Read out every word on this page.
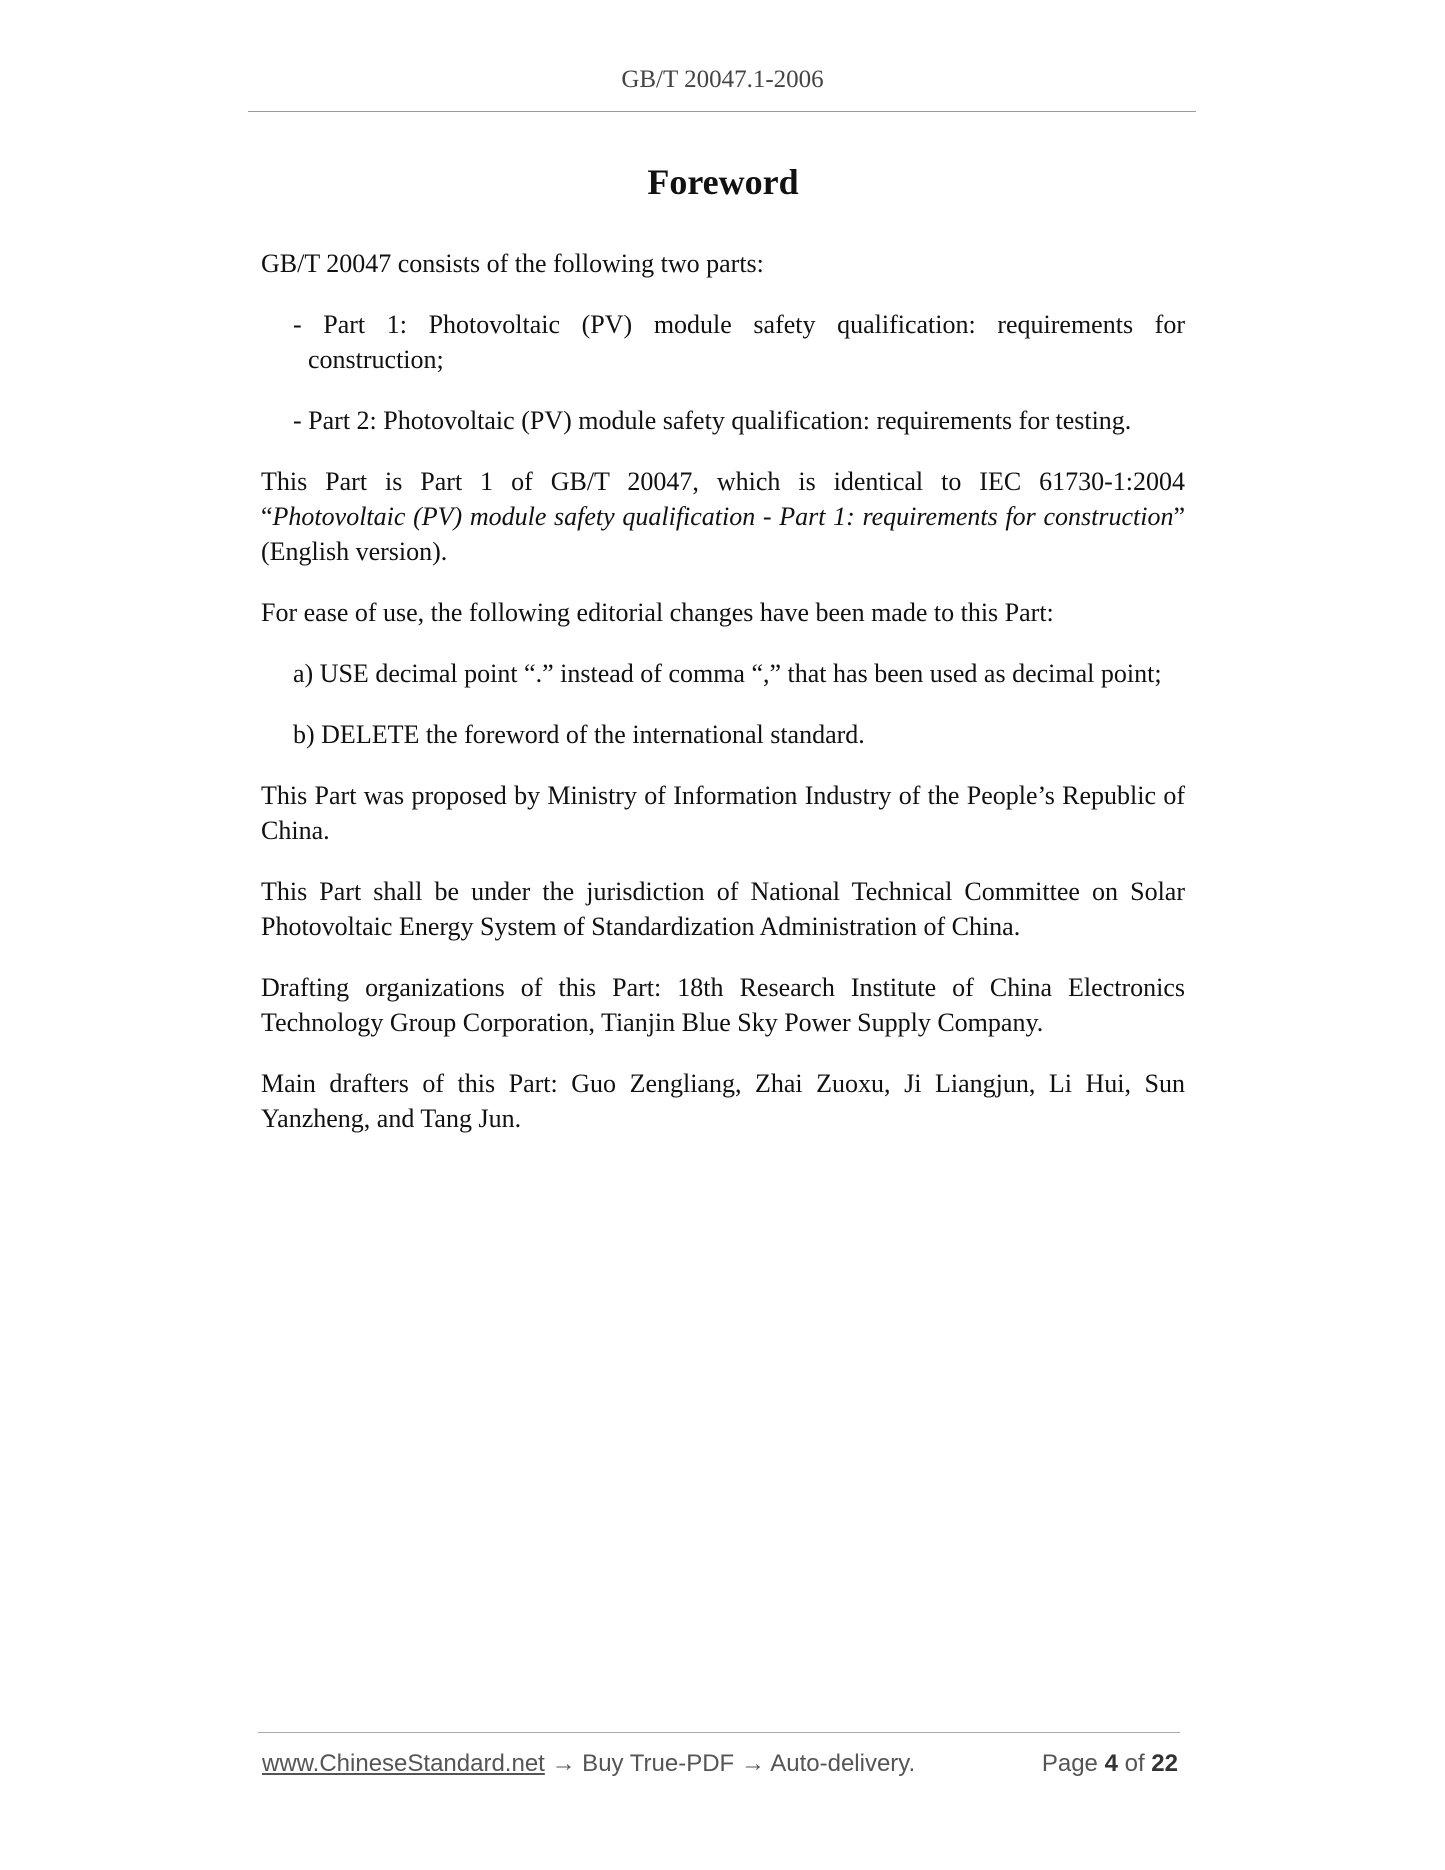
GB/T 20047.1-2006
Foreword

GB/T 20047 consists of the following two parts:

- Part 1: Photovoltaic (PV) module safety qualification: requirements for construction;

- Part 2: Photovoltaic (PV) module safety qualification: requirements for testing.

This Part is Part 1 of GB/T 20047, which is identical to IEC 61730-1:2004 “Photovoltaic (PV) module safety qualification - Part 1: requirements for construction” (English version).

For ease of use, the following editorial changes have been made to this Part:

a) USE decimal point “.” instead of comma “,” that has been used as decimal point;

b) DELETE the foreword of the international standard.

This Part was proposed by Ministry of Information Industry of the People’s Republic of China.

This Part shall be under the jurisdiction of National Technical Committee on Solar Photovoltaic Energy System of Standardization Administration of China.

Drafting organizations of this Part: 18th Research Institute of China Electronics Technology Group Corporation, Tianjin Blue Sky Power Supply Company.

Main drafters of this Part: Guo Zengliang, Zhai Zuoxu, Ji Liangjun, Li Hui, Sun Yanzheng, and Tang Jun.

www.ChineseStandard.net → Buy True-PDF → Auto-delivery.	Page 4 of 22
